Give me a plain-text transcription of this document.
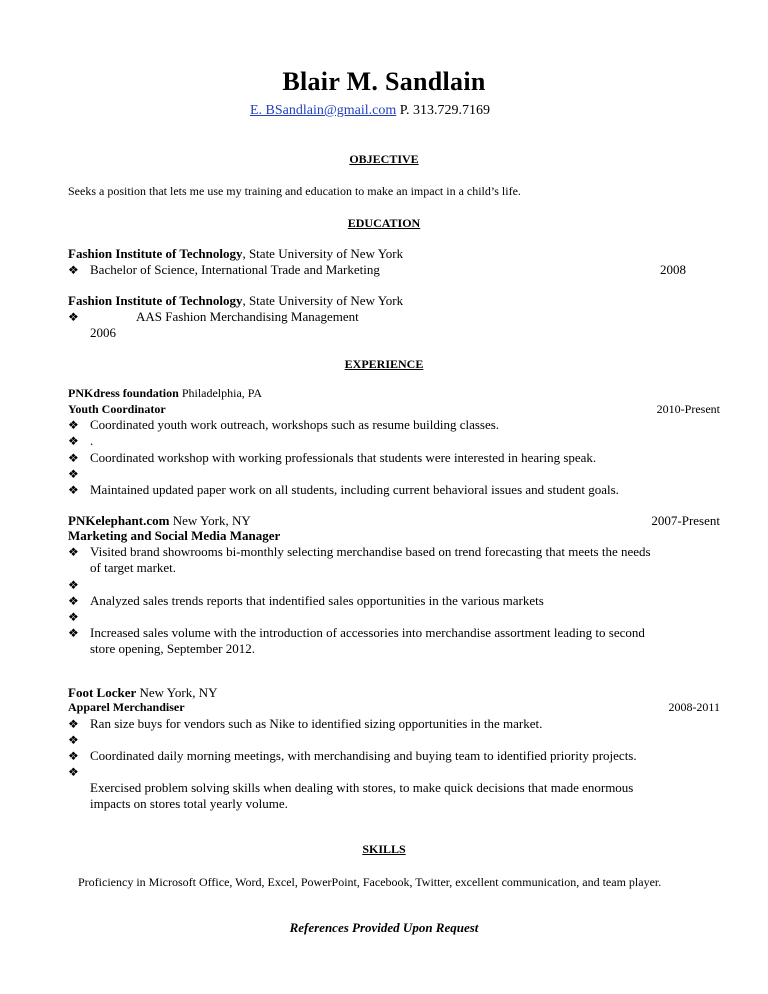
Blair M. Sandlain
E. BSandlain@gmail.com P. 313.729.7169
OBJECTIVE
Seeks a position that lets me use my training and education to make an impact in a child’s life.
EDUCATION
Fashion Institute of Technology, State University of New York
❖ Bachelor of Science, International Trade and Marketing	2008
Fashion Institute of Technology, State University of New York
❖	AAS Fashion Merchandising Management
2006
EXPERIENCE
PNKdress foundation Philadelphia, PA
Youth Coordinator	2010-Present
❖ Coordinated youth work outreach, workshops such as resume building classes.
❖ .
❖ Coordinated workshop with working professionals that students were interested in hearing speak.
❖
❖ Maintained updated paper work on all students, including current behavioral issues and student goals.
PNKelephant.com New York, NY	2007-Present
Marketing and Social Media Manager
❖ Visited brand showrooms bi-monthly selecting merchandise based on trend forecasting that meets the needs
of target market.
❖
❖ Analyzed sales trends reports that indentified sales opportunities in the various markets
❖
❖ Increased sales volume with the introduction of accessories into merchandise assortment leading to second
store opening, September 2012.
Foot Locker New York, NY
Apparel Merchandiser	2008-2011
❖ Ran size buys for vendors such as Nike to identified sizing opportunities in the market.
❖
❖ Coordinated daily morning meetings, with merchandising and buying team to identified priority projects.
❖
Exercised problem solving skills when dealing with stores, to make quick decisions that made enormous
impacts on stores total yearly volume.
SKILLS
Proficiency in Microsoft Office, Word, Excel, PowerPoint, Facebook, Twitter, excellent communication, and team player.
References Provided Upon Request
